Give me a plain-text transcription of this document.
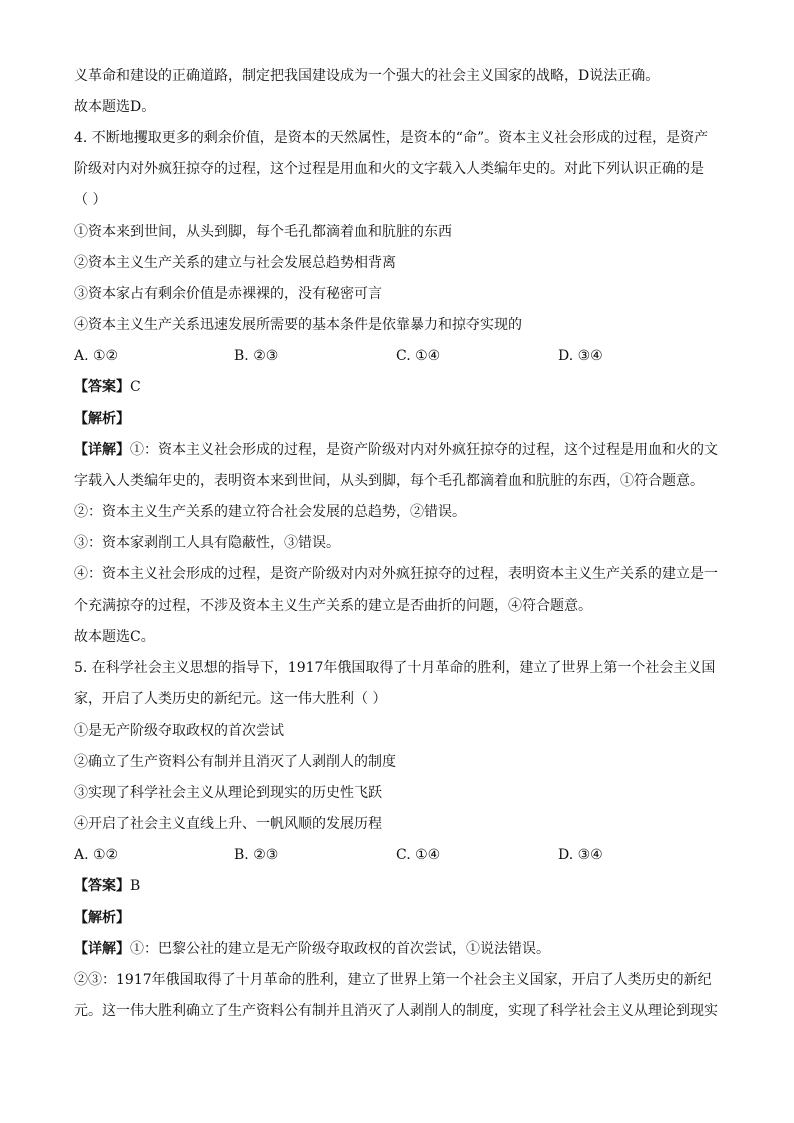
义革命和建设的正确道路，制定把我国建设成为一个强大的社会主义国家的战略，D说法正确。
故本题选D。
4. 不断地攫取更多的剩余价值，是资本的天然属性，是资本的“命”。资本主义社会形成的过程，是资产
阶级对内对外疯狂掠夺的过程，这个过程是用血和火的文字载入人类编年史的。对此下列认识正确的是
（ ）
①资本来到世间，从头到脚，每个毛孔都滴着血和肮脏的东西
②资本主义生产关系的建立与社会发展总趋势相背离
③资本家占有剩余价值是赤裸裸的，没有秘密可言
④资本主义生产关系迅速发展所需要的基本条件是依靠暴力和掠夺实现的
A. ①②	B. ②③	C. ①④	D. ③④
【答案】C
【解析】
【详解】①：资本主义社会形成的过程，是资产阶级对内对外疯狂掠夺的过程，这个过程是用血和火的文
字载入人类编年史的，表明资本来到世间，从头到脚，每个毛孔都滴着血和肮脏的东西，①符合题意。
②：资本主义生产关系的建立符合社会发展的总趋势，②错误。
③：资本家剥削工人具有隐蔽性，③错误。
④：资本主义社会形成的过程，是资产阶级对内对外疯狂掠夺的过程，表明资本主义生产关系的建立是一
个充满掠夺的过程，不涉及资本主义生产关系的建立是否曲折的问题，④符合题意。
故本题选C。
5. 在科学社会主义思想的指导下，1917年俄国取得了十月革命的胜利，建立了世界上第一个社会主义国
家，开启了人类历史的新纪元。这一伟大胜利（ ）
①是无产阶级夺取政权的首次尝试
②确立了生产资料公有制并且消灭了人剥削人的制度
③实现了科学社会主义从理论到现实的历史性飞跃
④开启了社会主义直线上升、一帆风顺的发展历程
A. ①②	B. ②③	C. ①④	D. ③④
【答案】B
【解析】
【详解】①：巴黎公社的建立是无产阶级夺取政权的首次尝试，①说法错误。
②③：1917年俄国取得了十月革命的胜利，建立了世界上第一个社会主义国家，开启了人类历史的新纪
元。这一伟大胜利确立了生产资料公有制并且消灭了人剥削人的制度，实现了科学社会主义从理论到现实
